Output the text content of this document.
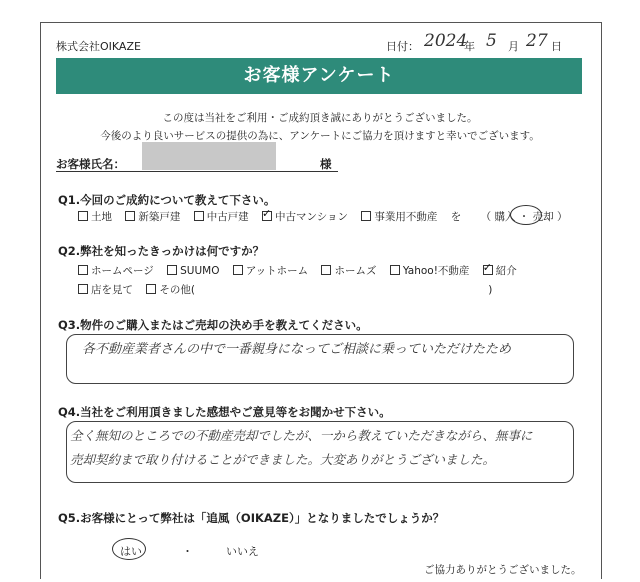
株式会社OIKAZE	日付： 2024
年 5 月 27 日
お客様アンケート
この度は当社をご利用・ご成約頂き誠にありがとうございました。
今後のより良いサービスの提供の為に、アンケートにご協力を頂けますと幸いでございます。
お客様氏名：	様
Q1.今回のご成約について教えて下さい。
土地	新築戸建	中古戸建 ✓	中古マンション	事業用不動産 を （ 購入 ・ 売却 ）
Q2.弊社を知ったきっかけは何ですか？
ホームページ	SUUMO	アットホーム	ホームズ	Yahoo!不動産 ✓	紹介
店を見て	その他(	)
Q3.物件のご購入またはご売却の決め手を教えてください。
各不動産業者さんの中で一番親身になってご相談に乗っていただけたため
Q4.当社をご利用頂きました感想やご意見等をお聞かせ下さい。
全く無知のところでの不動産売却でしたが、一から教えていただきながら、無事に
売却契約まで取り付けることができました。大変ありがとうございました。
Q5.お客様にとって弊社は「追風（OIKAZE）」となりましたでしょうか？
はい	・	いいえ
ご協力ありがとうございました。
